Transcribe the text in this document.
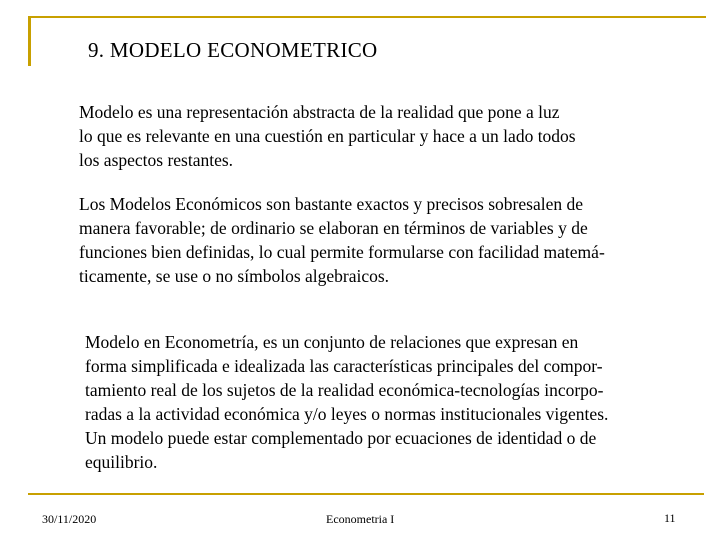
9. MODELO ECONOMETRICO
Modelo es una representación abstracta de la realidad que pone a luz
lo que es relevante en una cuestión en particular y hace a un lado todos
los aspectos restantes.
Los Modelos Económicos son bastante exactos y precisos sobresalen de
manera favorable; de ordinario se elaboran en términos de variables y de
funciones bien definidas, lo cual permite formularse con facilidad matemá-
ticamente, se use o no símbolos algebraicos.
Modelo en Econometría, es un conjunto de relaciones que expresan en
forma simplificada e idealizada las características principales del compor-
tamiento real de los sujetos de la realidad económica-tecnologías incorpo-
radas a la actividad económica y/o leyes o normas institucionales vigentes.
Un modelo puede estar complementado por ecuaciones de identidad o de
equilibrio.
30/11/2020	Econometria I	11
